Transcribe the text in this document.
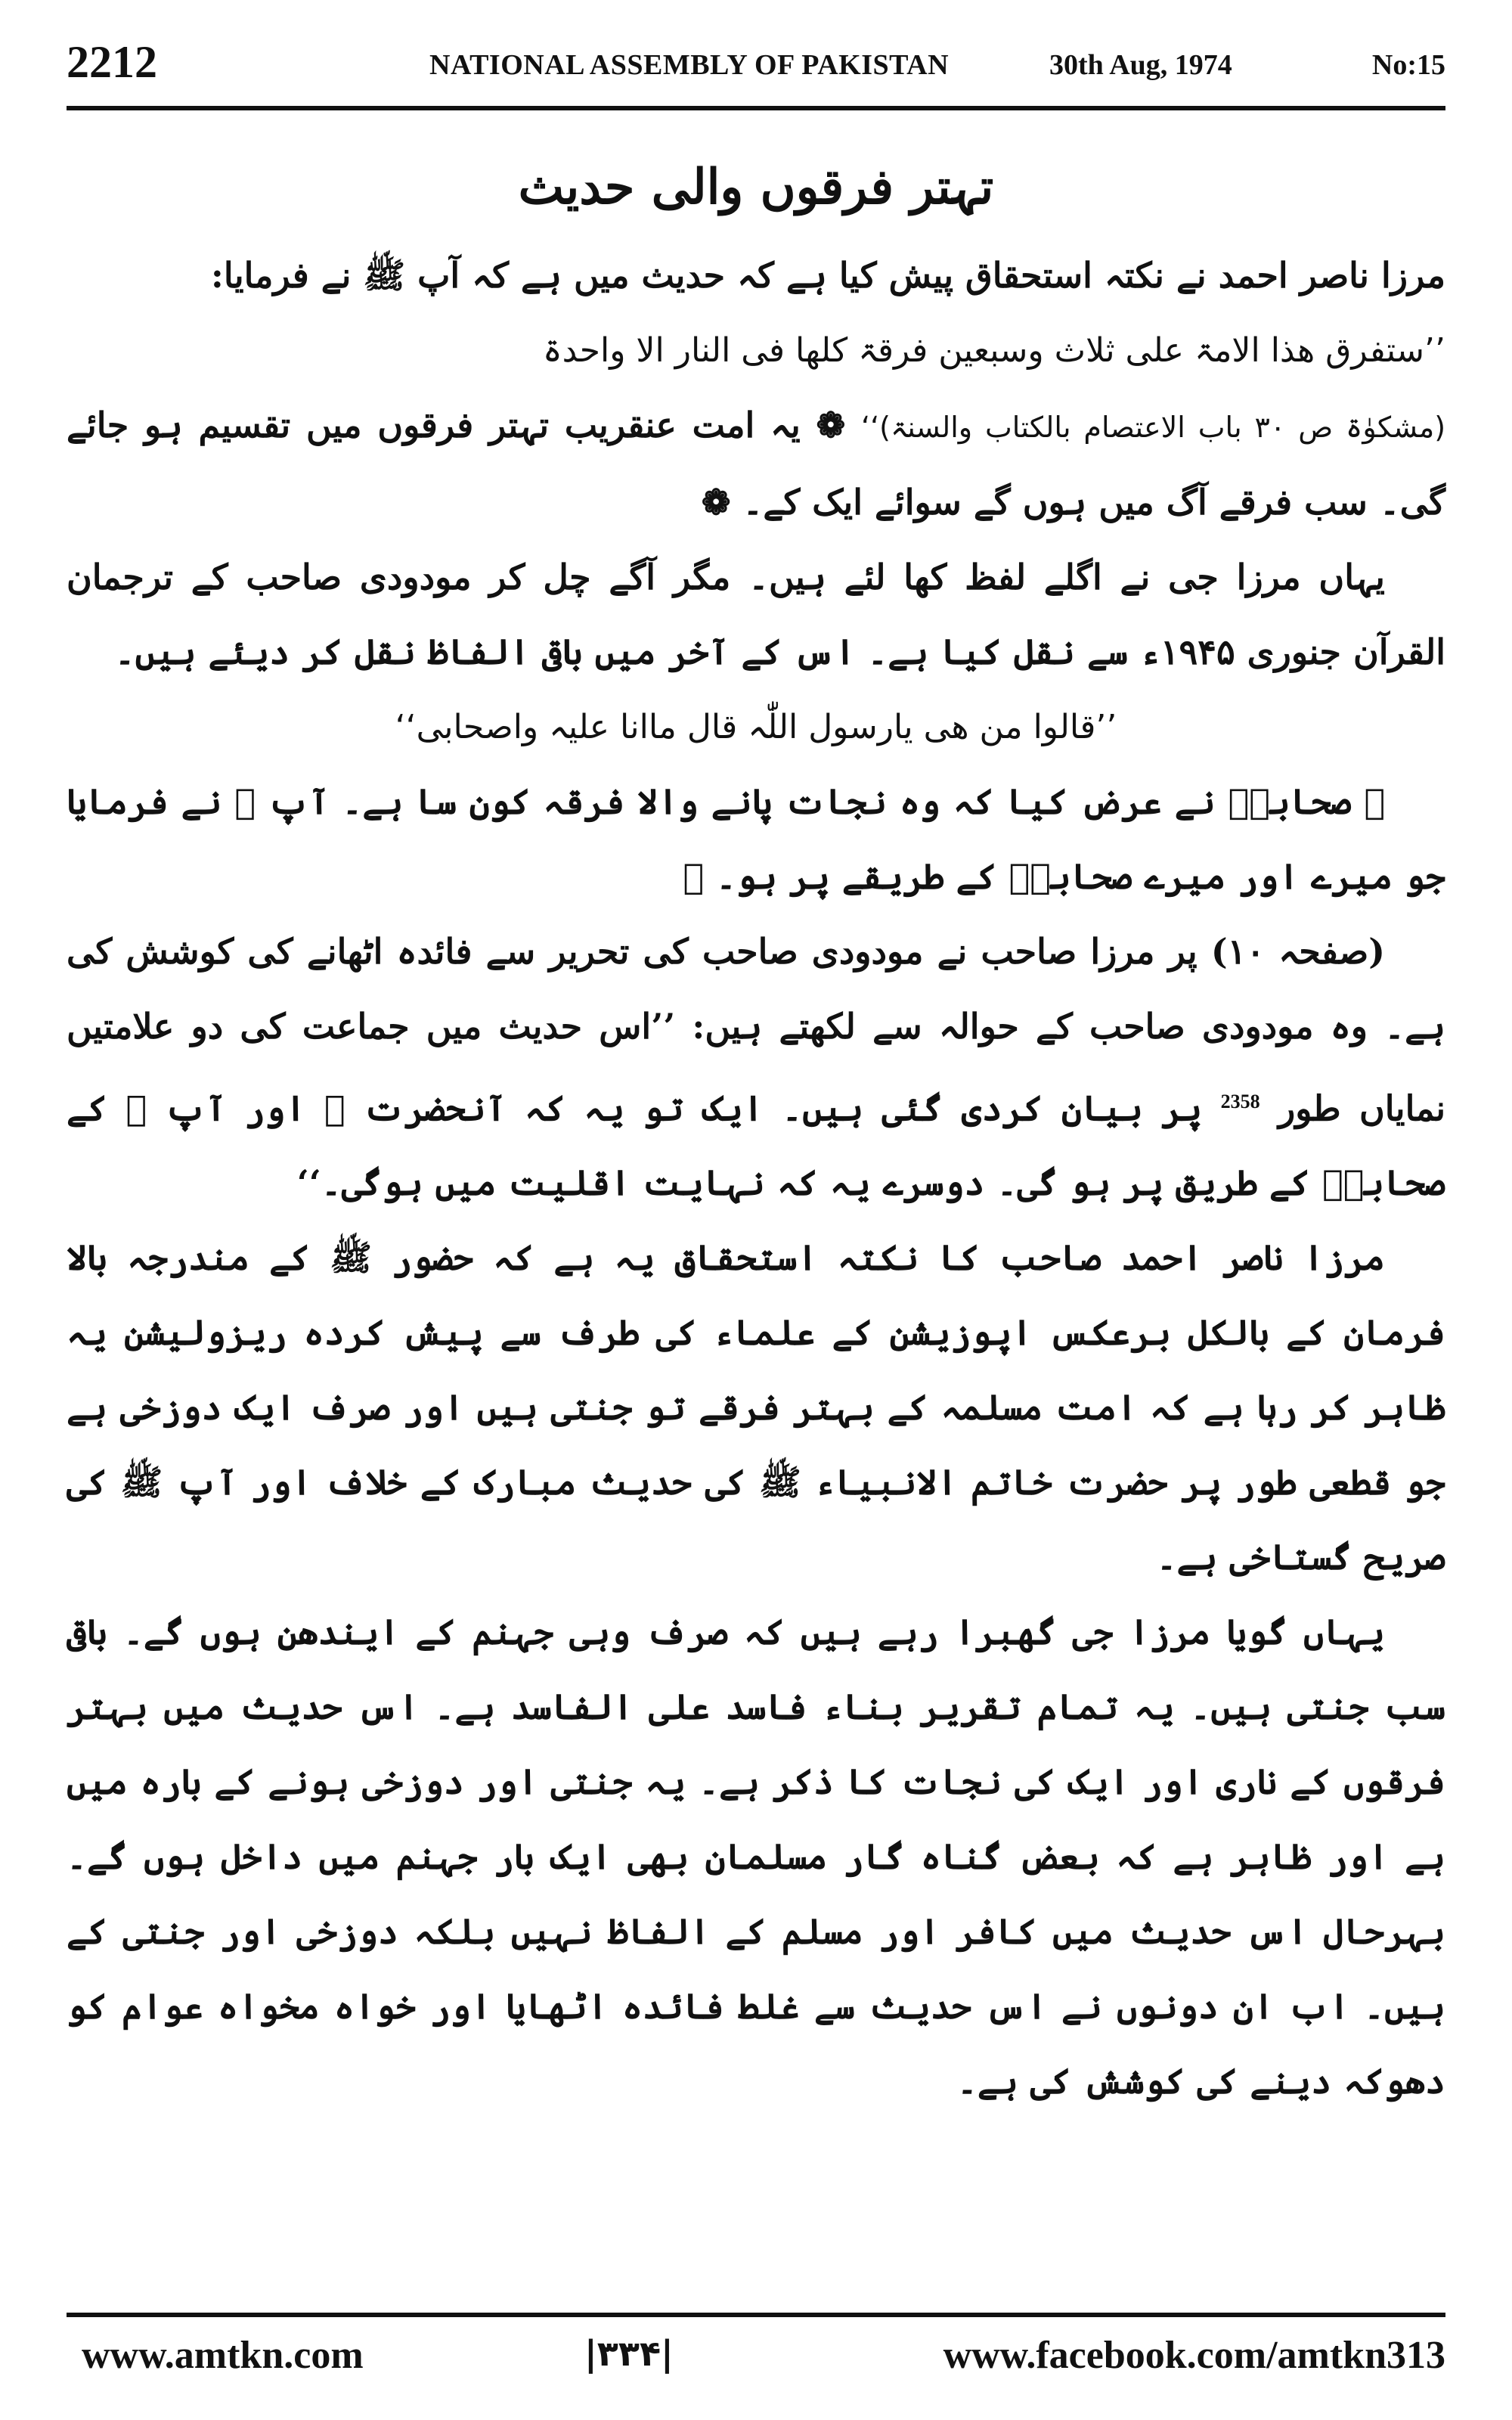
2212	NATIONAL ASSEMBLY OF PAKISTAN	30th Aug, 1974	No:15
تہتر فرقوں والی حدیث

مرزا ناصر احمد نے نکتہ استحقاق پیش کیا ہے کہ حدیث میں ہے کہ آپ ﷺ نے فرمایا:

’’ستفرق ھذا الامۃ علی ثلاث وسبعین فرقۃ کلھا فی النار الا واحدۃ

(مشکوٰۃ ص ۳۰ باب الاعتصام بالکتاب والسنۃ)‘‘ ❁ یہ امت عنقریب تہتر فرقوں میں تقسیم ہو جائے گی۔ سب فرقے آگ میں ہوں گے سوائے ایک کے۔ ❁

یہاں مرزا جی نے اگلے لفظ کھا لئے ہیں۔ مگر آگے چل کر مودودی صاحب کے ترجمان القرآن جنوری ۱۹۴۵ء سے نقل کیا ہے۔ اس کے آخر میں باقی الفاظ نقل کر دیئے ہیں۔

’’قالوا من ھی یارسول اللّٰہ قال ماانا علیہ واصحابی‘‘

❁ صحابہؓ نے عرض کیا کہ وہ نجات پانے والا فرقہ کون سا ہے۔ آپ ﷺ نے فرمایا جو میرے اور میرے صحابہؓ کے طریقے پر ہو۔ ❁

(صفحہ ۱۰) پر مرزا صاحب نے مودودی صاحب کی تحریر سے فائدہ اٹھانے کی کوشش کی ہے۔ وہ مودودی صاحب کے حوالہ سے لکھتے ہیں: ’’اس حدیث میں جماعت کی دو علامتیں نمایاں طور $^{2358}$ پر بیان کردی گئی ہیں۔ ایک تو یہ کہ آنحضرت ﷺ اور آپ ﷺ کے صحابہؓ کے طریق پر ہو گی۔ دوسرے یہ کہ نہایت اقلیت میں ہوگی۔‘‘

مرزا ناصر احمد صاحب کا نکتہ استحقاق یہ ہے کہ حضور ﷺ کے مندرجہ بالا فرمان کے بالکل برعکس اپوزیشن کے علماء کی طرف سے پیش کردہ ریزولیشن یہ ظاہر کر رہا ہے کہ امت مسلمہ کے بہتر فرقے تو جنتی ہیں اور صرف ایک دوزخی ہے جو قطعی طور پر حضرت خاتم الانبیاء ﷺ کی حدیث مبارک کے خلاف اور آپ ﷺ کی صریح گستاخی ہے۔

یہاں گویا مرزا جی گھبرا رہے ہیں کہ صرف وہی جہنم کے ایندھن ہوں گے۔ باقی سب جنتی ہیں۔ یہ تمام تقریر بناء فاسد علی الفاسد ہے۔ اس حدیث میں بہتر فرقوں کے ناری اور ایک کی نجات کا ذکر ہے۔ یہ جنتی اور دوزخی ہونے کے بارہ میں ہے اور ظاہر ہے کہ بعض گناہ گار مسلمان بھی ایک بار جہنم میں داخل ہوں گے۔ بہرحال اس حدیث میں کافر اور مسلم کے الفاظ نہیں بلکہ دوزخی اور جنتی کے ہیں۔ اب ان دونوں نے اس حدیث سے غلط فائدہ اٹھایا اور خواہ مخواہ عوام کو دھوکہ دینے کی کوشش کی ہے۔

www.amtkn.com	|۳۳۴|	www.facebook.com/amtkn313
